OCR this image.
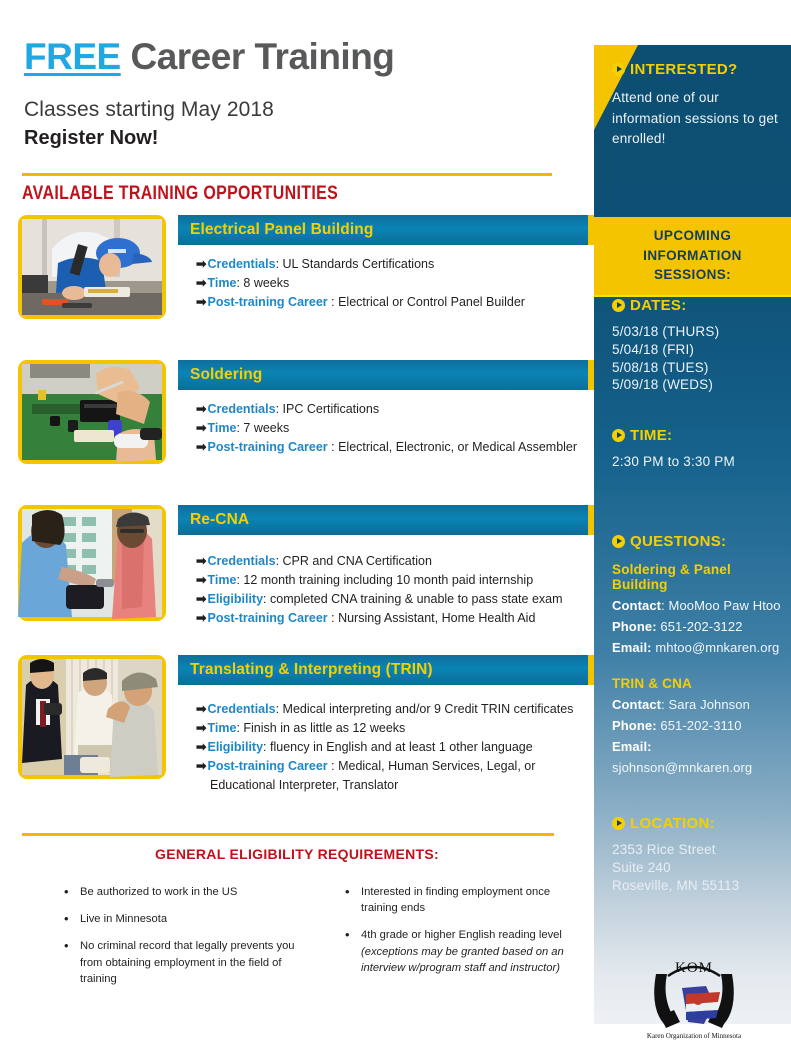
FREE Career Training
Classes starting May 2018
Register Now!
AVAILABLE TRAINING OPPORTUNITIES
Electrical Panel Building
➡Credentials: UL Standards Certifications
➡Time: 8 weeks
➡Post-training Career : Electrical or Control Panel Builder
Soldering
➡Credentials: IPC Certifications
➡Time: 7 weeks
➡Post-training Career : Electrical, Electronic, or Medical Assembler
Re-CNA
➡Credentials: CPR and CNA Certification
➡Time: 12 month training including 10 month paid internship
➡Eligibility: completed CNA training & unable to pass state exam
➡Post-training Career : Nursing Assistant, Home Health Aid
Translating & Interpreting (TRIN)
➡Credentials: Medical interpreting and/or 9 Credit TRIN certificates
➡Time: Finish in as little as 12 weeks
➡Eligibility: fluency in English and at least 1 other language
➡Post-training Career : Medical, Human Services, Legal, or
Educational Interpreter, Translator
GENERAL ELIGIBILITY REQUIREMENTS:
• Be authorized to work in the US
• Live in Minnesota
• No criminal record that legally prevents you from obtaining employment in the field of training
• Interested in finding employment once training ends
• 4th grade or higher English reading level (exceptions may be granted based on an interview w/program staff and instructor)
INTERESTED?
Attend one of our information sessions to get enrolled!
UPCOMING INFORMATION
SESSIONS:
DATES:
5/03/18 (THURS)
5/04/18 (FRI)
5/08/18 (TUES)
5/09/18 (WEDS)
TIME:
2:30 PM to 3:30 PM
QUESTIONS:
Soldering & Panel Building
Contact: MooMoo Paw Htoo
Phone: 651-202-3122
Email: mhtoo@mnkaren.org
TRIN & CNA
Contact: Sara Johnson
Phone: 651-202-3110
Email: sjohnson@mnkaren.org
LOCATION:
2353 Rice Street
Suite 240
Roseville, MN 55113
KOM
Karen Organization of Minnesota
